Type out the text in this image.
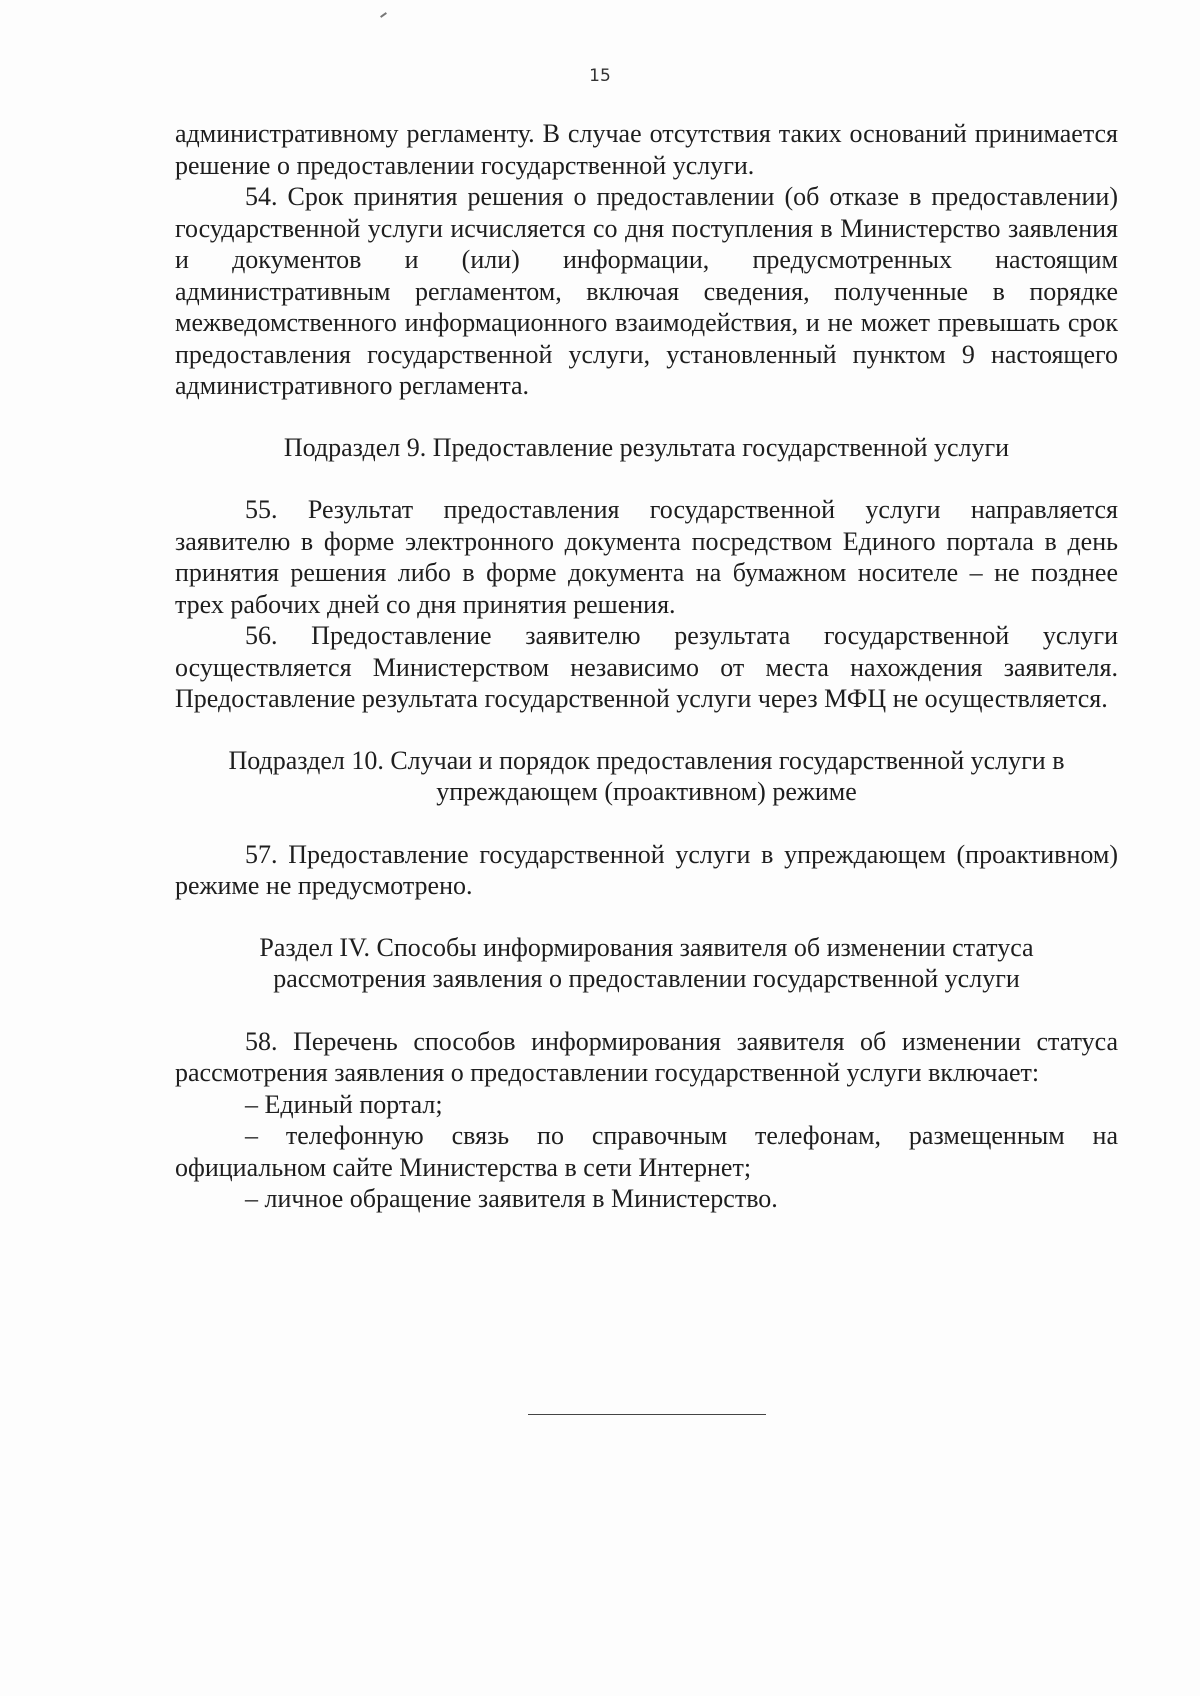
15

административному регламенту. В случае отсутствия таких оснований принимается решение о предоставлении государственной услуги.

54. Срок принятия решения о предоставлении (об отказе в предоставлении) государственной услуги исчисляется со дня поступления в Министерство заявления и документов и (или) информации, предусмотренных настоящим административным регламентом, включая сведения, полученные в порядке межведомственного информационного взаимодействия, и не может превышать срок предоставления государственной услуги, установленный пунктом 9 настоящего административного регламента.

Подраздел 9. Предоставление результата государственной услуги

55. Результат предоставления государственной услуги направляется заявителю в форме электронного документа посредством Единого портала в день принятия решения либо в форме документа на бумажном носителе – не позднее трех рабочих дней со дня принятия решения.

56. Предоставление заявителю результата государственной услуги осуществляется Министерством независимо от места нахождения заявителя. Предоставление результата государственной услуги через МФЦ не осуществляется.

Подраздел 10. Случаи и порядок предоставления государственной услуги в
упреждающем (проактивном) режиме

57. Предоставление государственной услуги в упреждающем (проактивном) режиме не предусмотрено.

Раздел IV. Способы информирования заявителя об изменении статуса
рассмотрения заявления о предоставлении государственной услуги

58. Перечень способов информирования заявителя об изменении статуса рассмотрения заявления о предоставлении государственной услуги включает:

– Единый портал;

– телефонную связь по справочным телефонам, размещенным на официальном сайте Министерства в сети Интернет;

– личное обращение заявителя в Министерство.
